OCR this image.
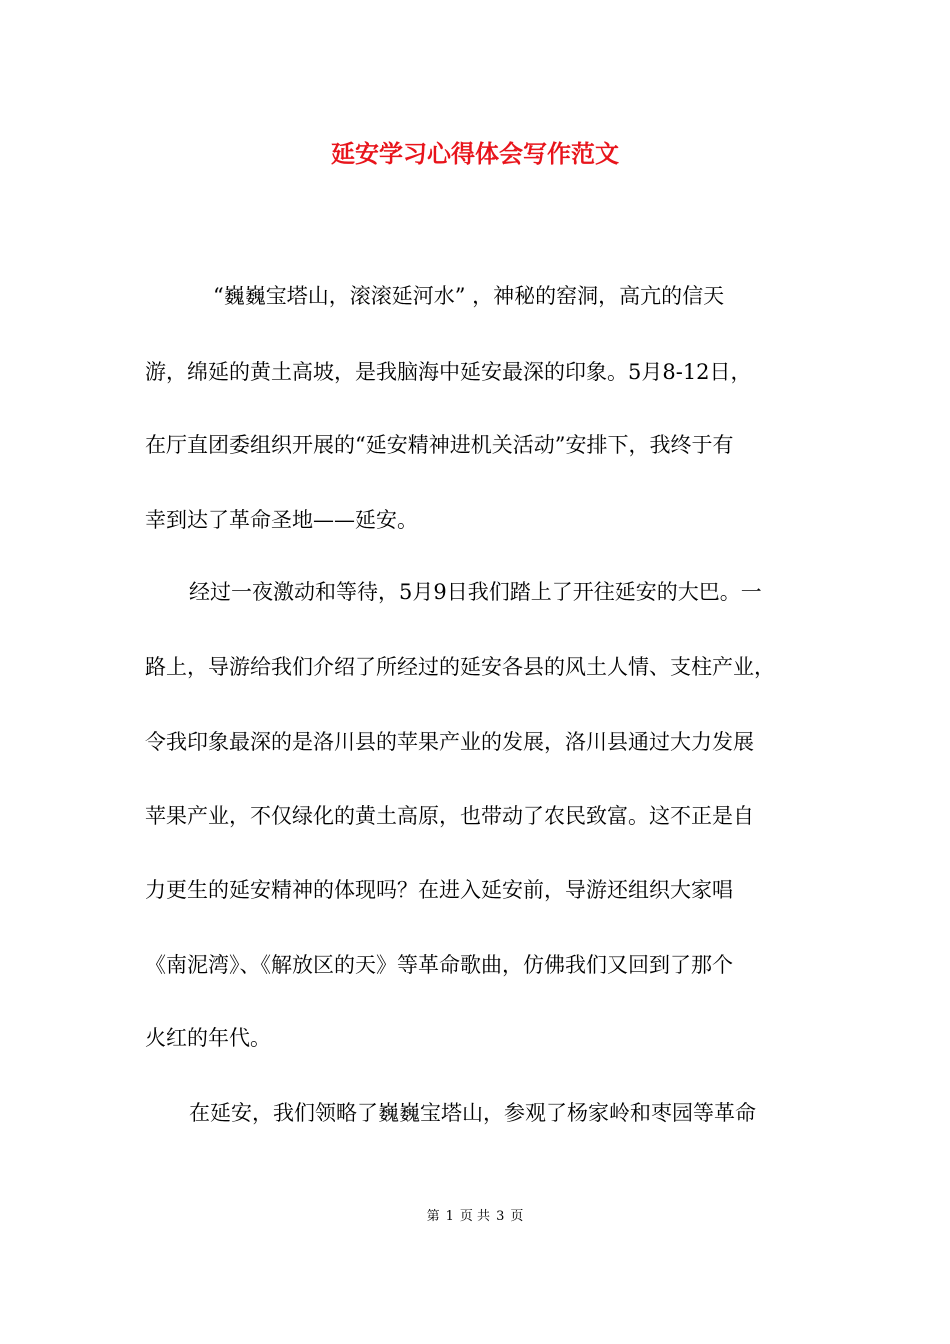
延安学习心得体会写作范文

“巍巍宝塔山，滚滚延河水” ，神秘的窑洞，高亢的信天

游，绵延的黄土高坡，是我脑海中延安最深的印象。5月8-12日，

在厅直团委组织开展的“延安精神进机关活动”安排下，我终于有

幸到达了革命圣地——延安。

经过一夜激动和等待，5月9日我们踏上了开往延安的大巴。一

路上，导游给我们介绍了所经过的延安各县的风土人情、支柱产业，

令我印象最深的是洛川县的苹果产业的发展，洛川县通过大力发展

苹果产业，不仅绿化的黄土高原，也带动了农民致富。这不正是自

力更生的延安精神的体现吗？在进入延安前，导游还组织大家唱

《南泥湾》、《解放区的天》等革命歌曲，仿佛我们又回到了那个

火红的年代。

在延安，我们领略了巍巍宝塔山，参观了杨家岭和枣园等革命

第 1 页 共 3 页
